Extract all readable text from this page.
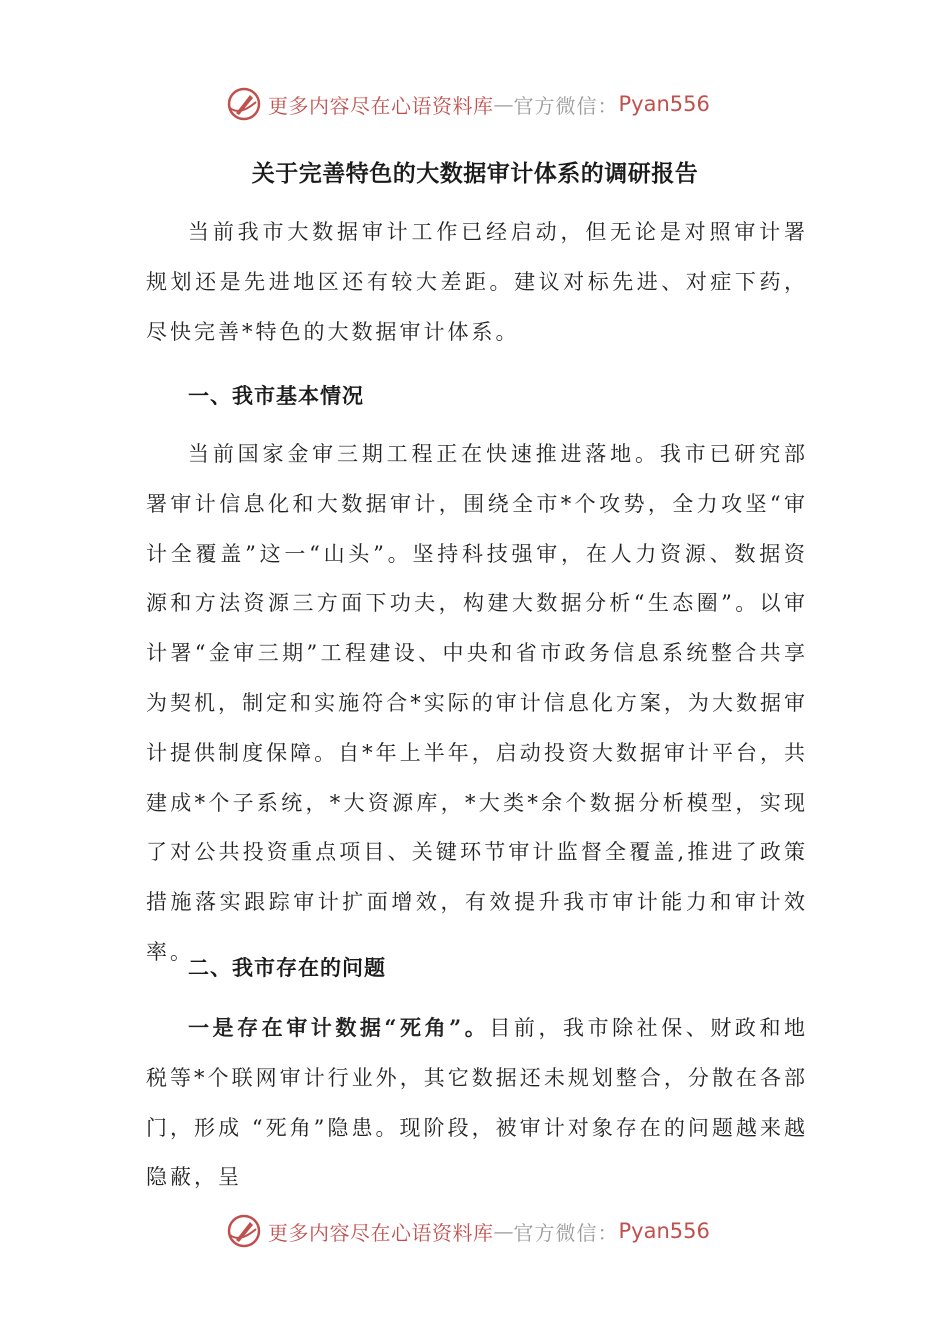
更多内容尽在心语资料库 — 官方微信： Pyan556
关于完善特色的大数据审计体系的调研报告

当前我市大数据审计工作已经启动，但无论是对照审计署规划还是先进地区还有较大差距。建议对标先进、对症下药，尽快完善*特色的大数据审计体系。

一、我市基本情况

当前国家金审三期工程正在快速推进落地。我市已研究部署审计信息化和大数据审计，围绕全市*个攻势，全力攻坚“审计全覆盖”这一“山头”。坚持科技强审，在人力资源、数据资源和方法资源三方面下功夫，构建大数据分析“生态圈”。以审计署“金审三期”工程建设、中央和省市政务信息系统整合共享为契机，制定和实施符合*实际的审计信息化方案，为大数据审计提供制度保障。自*年上半年，启动投资大数据审计平台，共建成*个子系统，*大资源库，*大类*余个数据分析模型，实现了对公共投资重点项目、关键环节审计监督全覆盖,推进了政策措施落实跟踪审计扩面增效，有效提升我市审计能力和审计效率。

二、我市存在的问题

一是存在审计数据“死角”。目前，我市除社保、财政和地税等*个联网审计行业外，其它数据还未规划整合，分散在各部门，形成 “死角”隐患。现阶段，被审计对象存在的问题越来越隐蔽，呈

更多内容尽在心语资料库 — 官方微信： Pyan556
